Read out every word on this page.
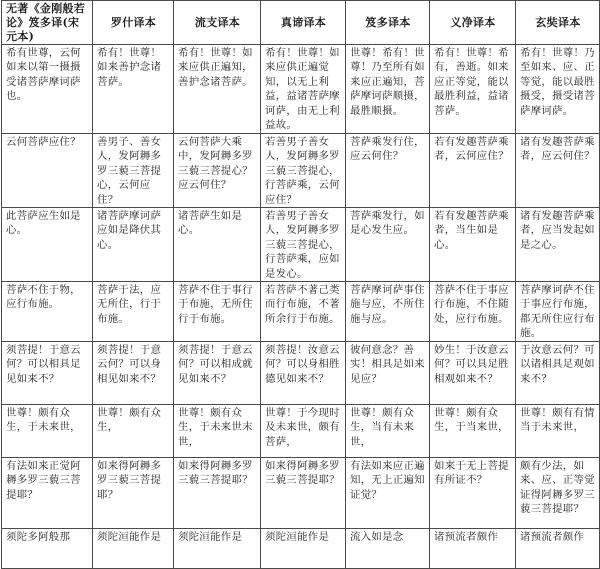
无著《金刚般若论》笈多译(宋元本)	罗什译本	流支译本	真谛译本	笈多译本	义净译本	玄奘译本
希有世尊，云何如来以第一摄摄受诸菩萨摩诃萨也。	希有！世尊！如来善护念诸菩萨。	希有！世尊！如来应供正遍知，善护念诸菩萨。	希有！世尊！如来应供正遍觉知，以无上利益，益诸菩萨摩诃萨，由无上利益故。	世尊！希有！世尊！乃至所有如来应正遍知，菩萨摩诃萨顺摄，最胜顺摄。	希有！世尊！希有，善逝。如来应正等觉，能以最胜利益，益诸菩萨。	希有！世尊！乃至如来、应、正等觉，能以最胜摄受，摄受诸菩萨摩诃萨。
云何菩萨应住？	善男子、善女人，发阿耨多罗三藐三菩提心，云何应住？	云何菩萨大乘中，发阿耨多罗三藐三菩提心？应云何住？	若善男子善女人，发阿耨多罗三藐三菩提心，行菩萨乘，云何应住？	菩萨乘发行住，应云何住？	若有发趣菩萨乘者，云何应住？	诸有发趣菩萨乘者，应云何住？
此菩萨应生如是心。	诸菩萨摩诃萨应如是降伏其心。	诸菩萨生如是心。	若善男子善女人，发阿耨多罗三藐三菩提心，行菩萨乘，应如是发心。	菩萨乘发行，如是心发生应。	若有发趣菩萨乘者，当生如是心。	诸有发趣菩萨乘者，应当发起如是之心。
菩萨不住于物，应行布施。	菩萨于法，应无所住，行于布施。	菩萨不住于事行于布施，无所住行于布施。	若菩萨不著己类而行布施，不著所余行于布施。	菩萨摩诃萨事住施与应，不所住施与应。	菩萨不住于事应行布施，不住随处，应行布施。	菩萨摩诃萨不住于事应行布施，都无所住应行布施。
须菩提！于意云何？可以相具足见如来不？	须菩提！于意云何？可以身相见如来不？	须菩提！于意云何？可以相成就见如来不？	须菩提！汝意云何？可以身相胜德见如来不？	彼何意念？善实！相具足如来见应？	妙生！于汝意云何？可以具足胜相观如来不？	于汝意云何？可以诸相具足观如来不？
世尊！颇有众生，于未来世，	世尊！颇有众生，	世尊！颇有众生，于未来世末世，	世尊！于今现时及未来世，颇有菩萨，	世尊！颇有众生，当有未来世，	世尊！颇有众生，于当来世，	世尊！颇有有情当于未来世，
有法如来正觉阿耨多罗三藐三菩提耶？	如来得阿耨多罗三藐三菩提耶？	如来得阿耨多罗三藐三菩提耶？	如来得阿耨多罗三藐三菩提耶？	有法如来应正遍知，无上正遍知证觉？	如来于无上菩提有所证不？	颇有少法，如来、应、正等觉证得阿耨多罗三藐三菩提耶？
须陀多阿般那	须陀洹能作是	须陀洹能作是	须陀洹能作是	流入如是念	诸预流者颇作	诸预流者颇作
